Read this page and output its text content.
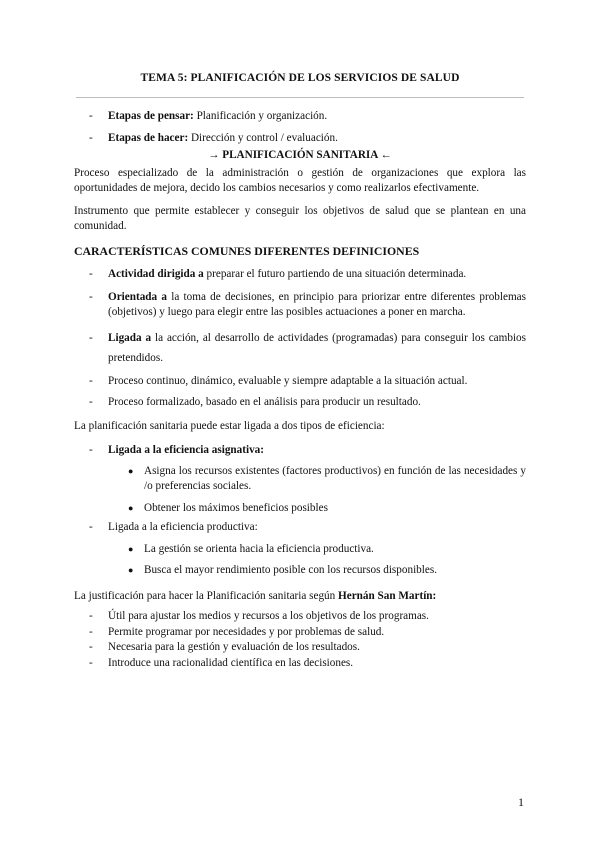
TEMA 5: PLANIFICACIÓN DE LOS SERVICIOS DE SALUD
- Etapas de pensar: Planificación y organización.
- Etapas de hacer: Dirección y control / evaluación.

→ PLANIFICACIÓN SANITARIA ←

Proceso especializado de la administración o gestión de organizaciones que explora las oportunidades de mejora, decido los cambios necesarios y como realizarlos efectivamente.

Instrumento que permite establecer y conseguir los objetivos de salud que se plantean en una comunidad.

CARACTERÍSTICAS COMUNES DIFERENTES DEFINICIONES

- Actividad dirigida a preparar el futuro partiendo de una situación determinada.
- Orientada a la toma de decisiones, en principio para priorizar entre diferentes problemas (objetivos) y luego para elegir entre las posibles actuaciones a poner en marcha.
- Ligada a la acción, al desarrollo de actividades (programadas) para conseguir los cambios pretendidos.
- Proceso continuo, dinámico, evaluable y siempre adaptable a la situación actual.
- Proceso formalizado, basado en el análisis para producir un resultado.

La planificación sanitaria puede estar ligada a dos tipos de eficiencia:

- Ligada a la eficiencia asignativa:
● Asigna los recursos existentes (factores productivos) en función de las necesidades y /o preferencias sociales.
● Obtener los máximos beneficios posibles
- Ligada a la eficiencia productiva:
● La gestión se orienta hacia la eficiencia productiva.
● Busca el mayor rendimiento posible con los recursos disponibles.

La justificación para hacer la Planificación sanitaria según Hernán San Martín:

- Útil para ajustar los medios y recursos a los objetivos de los programas.
- Permite programar por necesidades y por problemas de salud.
- Necesaria para la gestión y evaluación de los resultados.
- Introduce una racionalidad científica en las decisiones.
1
